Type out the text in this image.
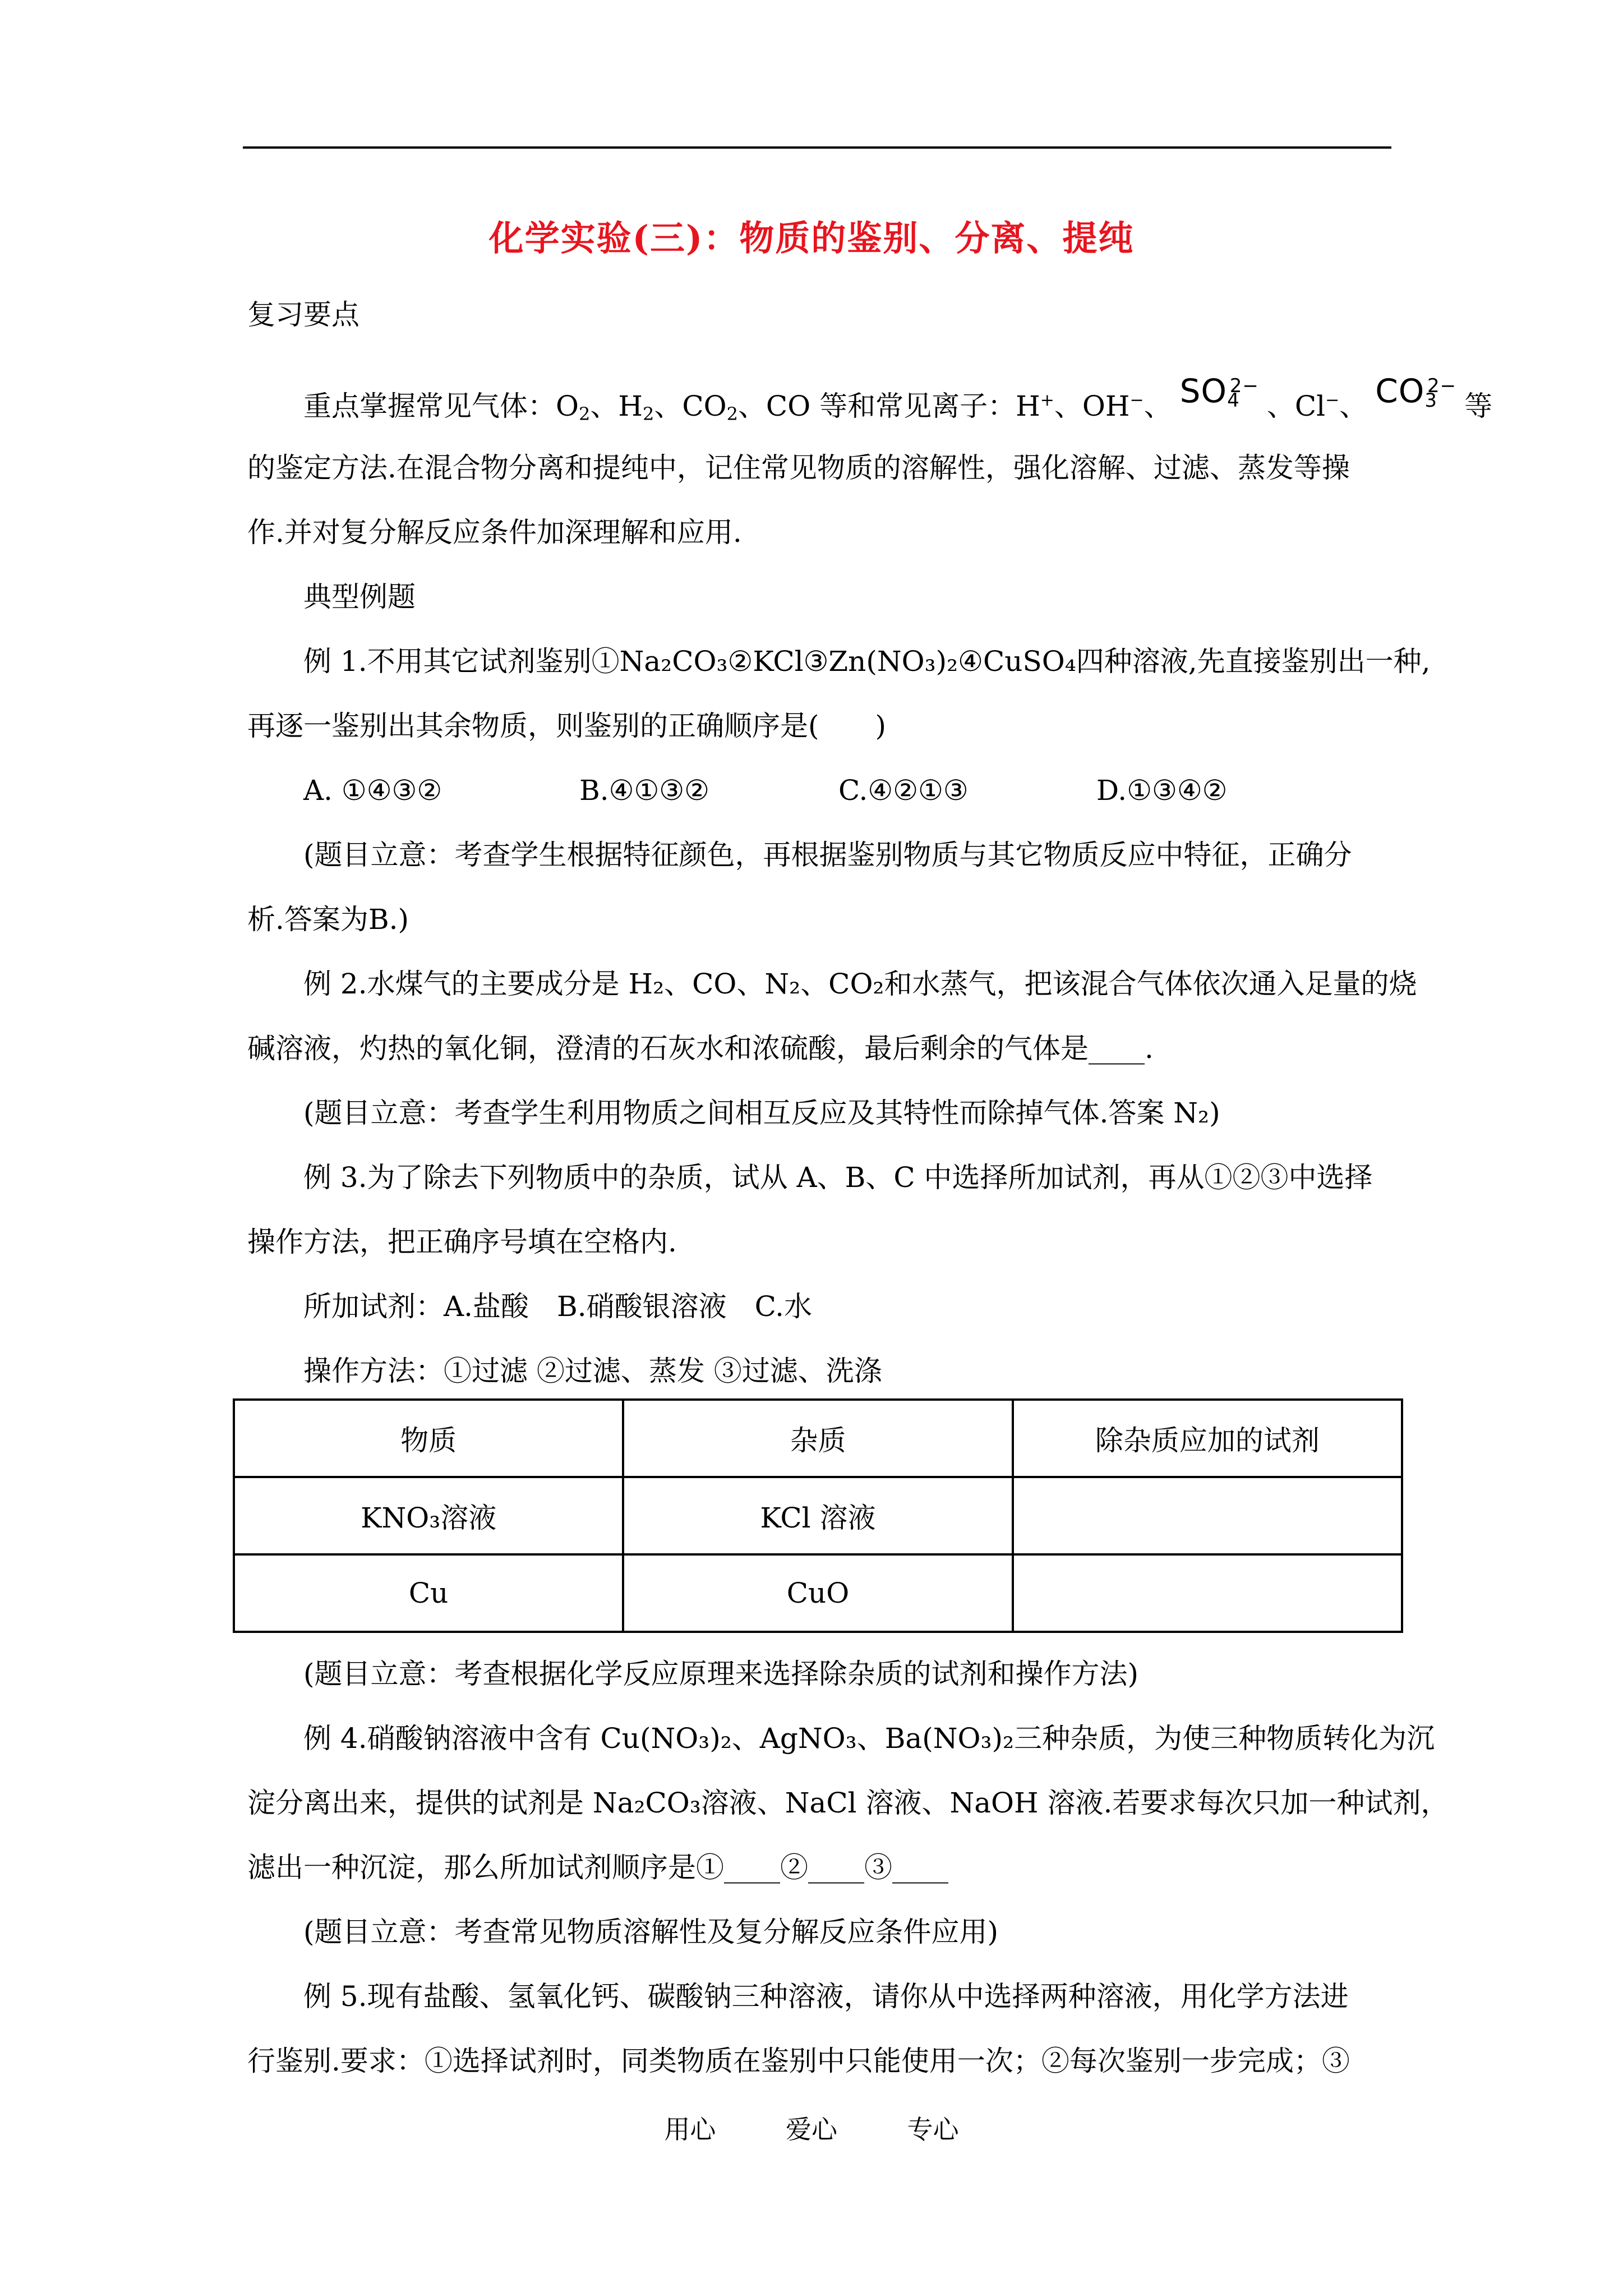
化学实验(三)：物质的鉴别、分离、提纯
复习要点
重点掌握常见气体：$O_2$、$H_2$、$CO_2$、CO 等和常见离子：H+、OH−、 $SO_4^{2-}$、Cl−、 $CO_3^{2-}$等
的鉴定方法.在混合物分离和提纯中，记住常见物质的溶解性，强化溶解、过滤、蒸发等操
作.并对复分解反应条件加深理解和应用.
典型例题
例 1.不用其它试剂鉴别①Na₂CO₃②KCl③Zn(NO₃)₂④CuSO₄四种溶液,先直接鉴别出一种,
再逐一鉴别出其余物质，则鉴别的正确顺序是(　　)
A. ①④③②	B.④①③②	C.④②①③	D.①③④②
(题目立意：考查学生根据特征颜色，再根据鉴别物质与其它物质反应中特征，正确分
析.答案为B.)
例 2.水煤气的主要成分是 H₂、CO、N₂、CO₂和水蒸气，把该混合气体依次通入足量的烧
碱溶液，灼热的氧化铜，澄清的石灰水和浓硫酸，最后剩余的气体是____.
(题目立意：考查学生利用物质之间相互反应及其特性而除掉气体.答案 N₂)
例 3.为了除去下列物质中的杂质，试从 A、B、C 中选择所加试剂，再从①②③中选择
操作方法，把正确序号填在空格内.
所加试剂：A.盐酸　B.硝酸银溶液　C.水
操作方法：①过滤 ②过滤、蒸发 ③过滤、洗涤
物质	杂质	除杂质应加的试剂
KNO₃溶液	KCl 溶液	
Cu	CuO	
(题目立意：考查根据化学反应原理来选择除杂质的试剂和操作方法)
例 4.硝酸钠溶液中含有 Cu(NO₃)₂、AgNO₃、Ba(NO₃)₂三种杂质，为使三种物质转化为沉
淀分离出来，提供的试剂是 Na₂CO₃溶液、NaCl 溶液、NaOH 溶液.若要求每次只加一种试剂，
滤出一种沉淀，那么所加试剂顺序是①____②____③____
(题目立意：考查常见物质溶解性及复分解反应条件应用)
例 5.现有盐酸、氢氧化钙、碳酸钠三种溶液，请你从中选择两种溶液，用化学方法进
行鉴别.要求：①选择试剂时，同类物质在鉴别中只能使用一次；②每次鉴别一步完成；③
用心 爱心 专心
